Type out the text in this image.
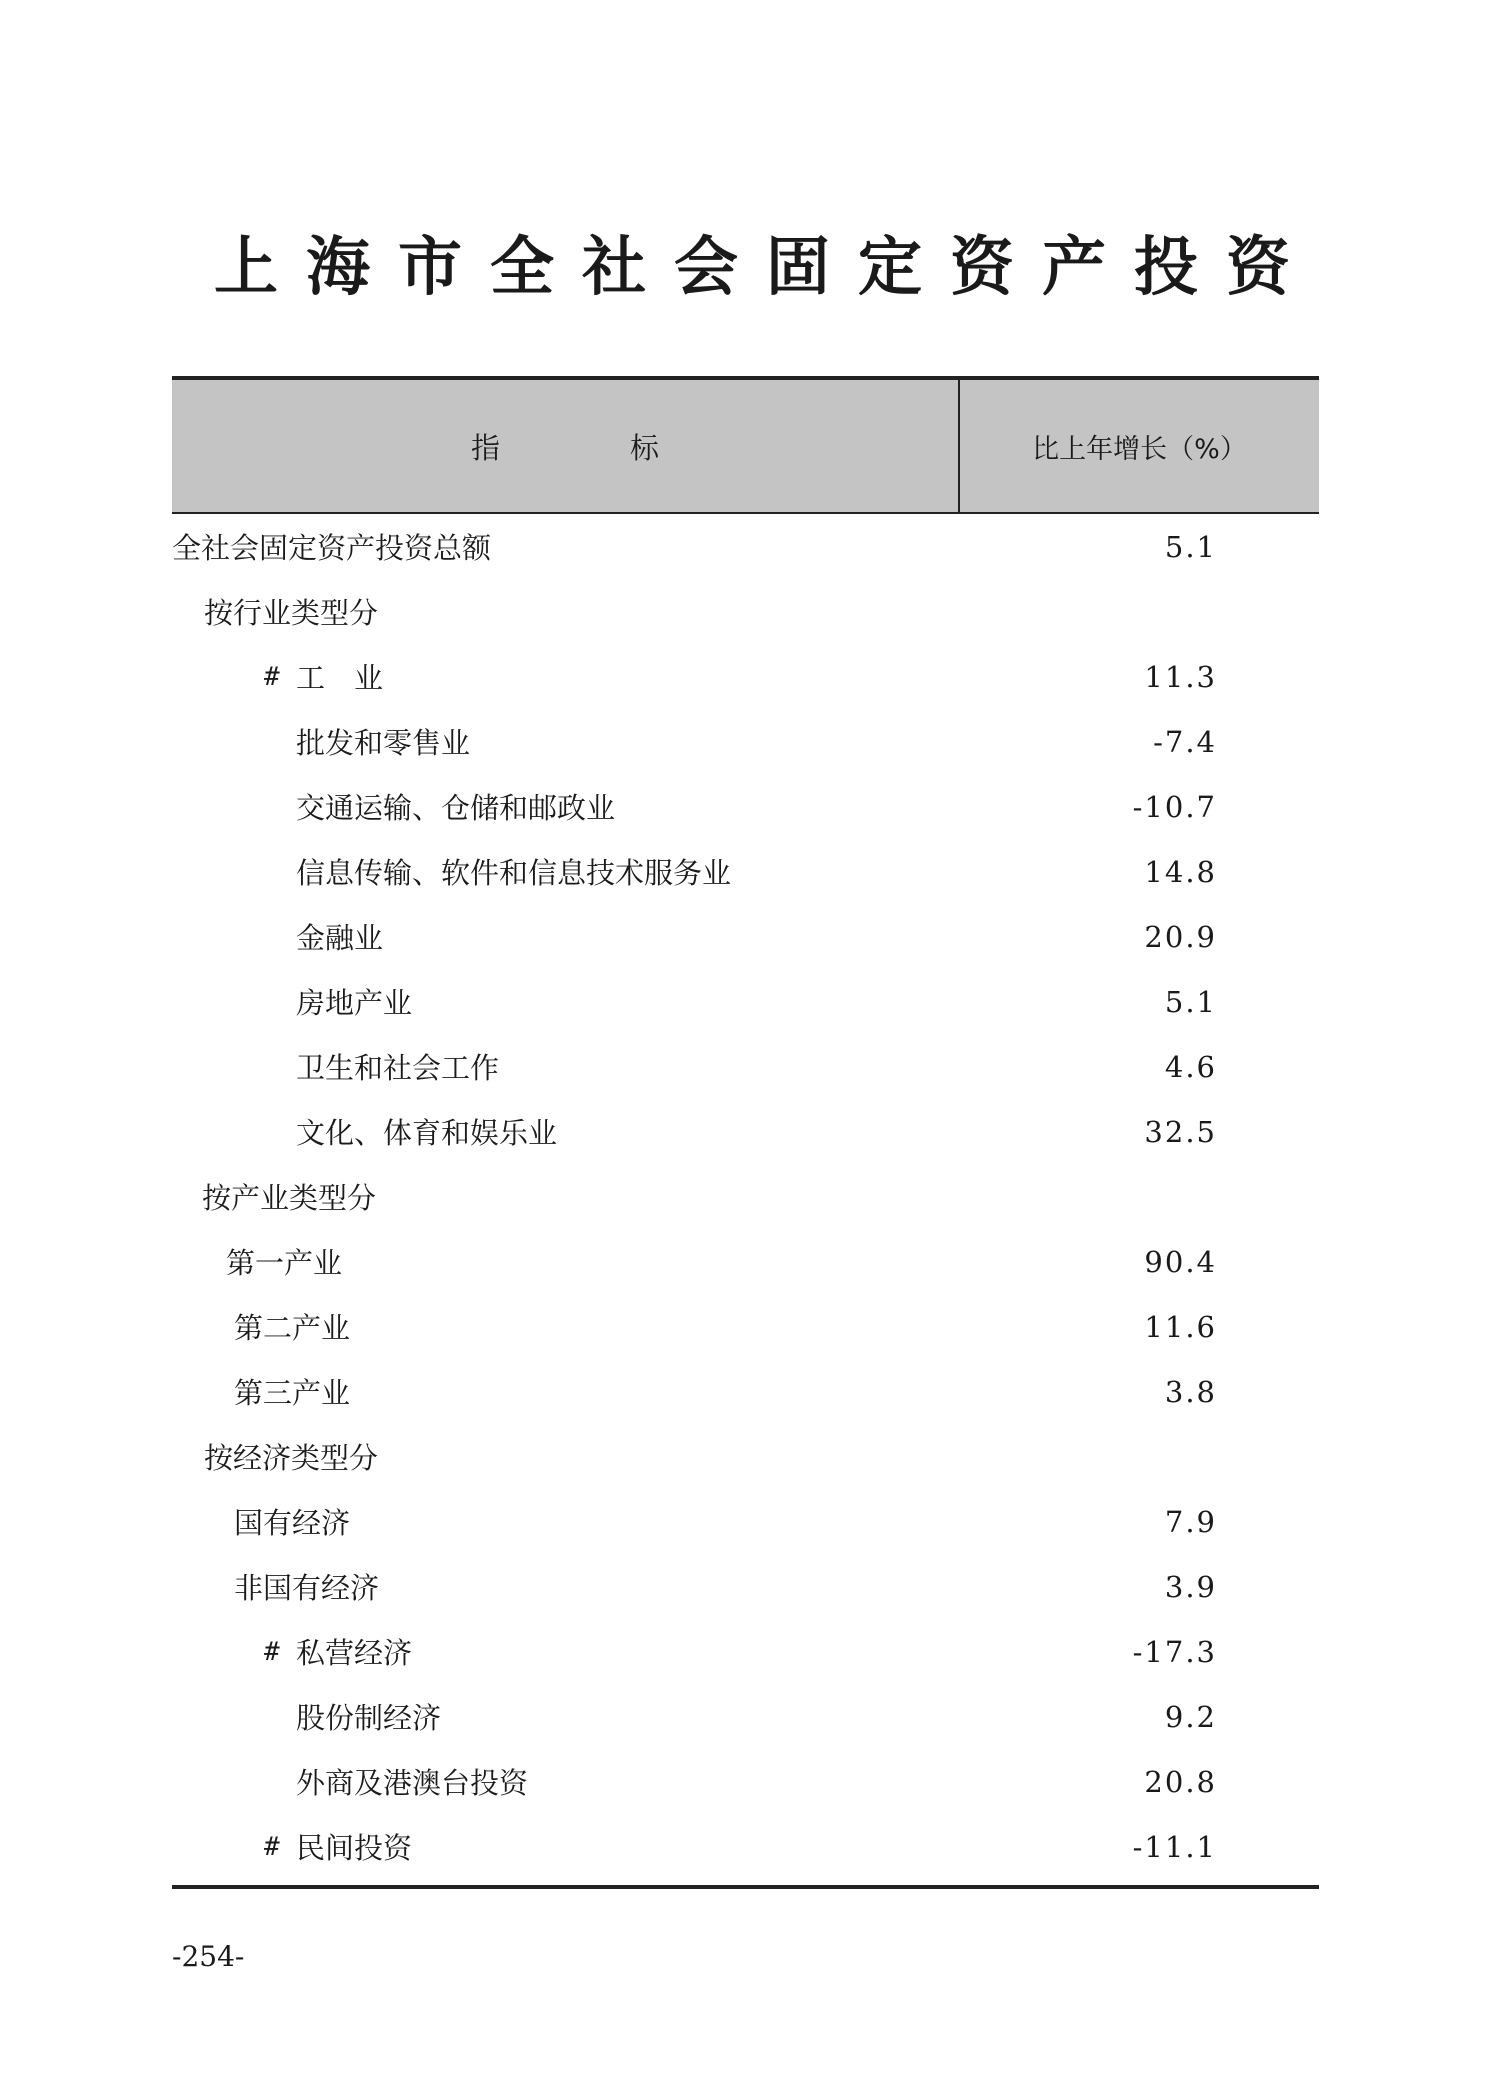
上海市全社会固定资产投资
指	标	比上年增长（%）
全社会固定资产投资总额	5.1
按行业类型分
# 工　业	11.3
批发和零售业	-7.4
交通运输、仓储和邮政业	-10.7
信息传输、软件和信息技术服务业	14.8
金融业	20.9
房地产业	5.1
卫生和社会工作	4.6
文化、体育和娱乐业	32.5
按产业类型分
第一产业	90.4
第二产业	11.6
第三产业	3.8
按经济类型分
国有经济	7.9
非国有经济	3.9
# 私营经济	-17.3
股份制经济	9.2
外商及港澳台投资	20.8
# 民间投资	-11.1
-254-
